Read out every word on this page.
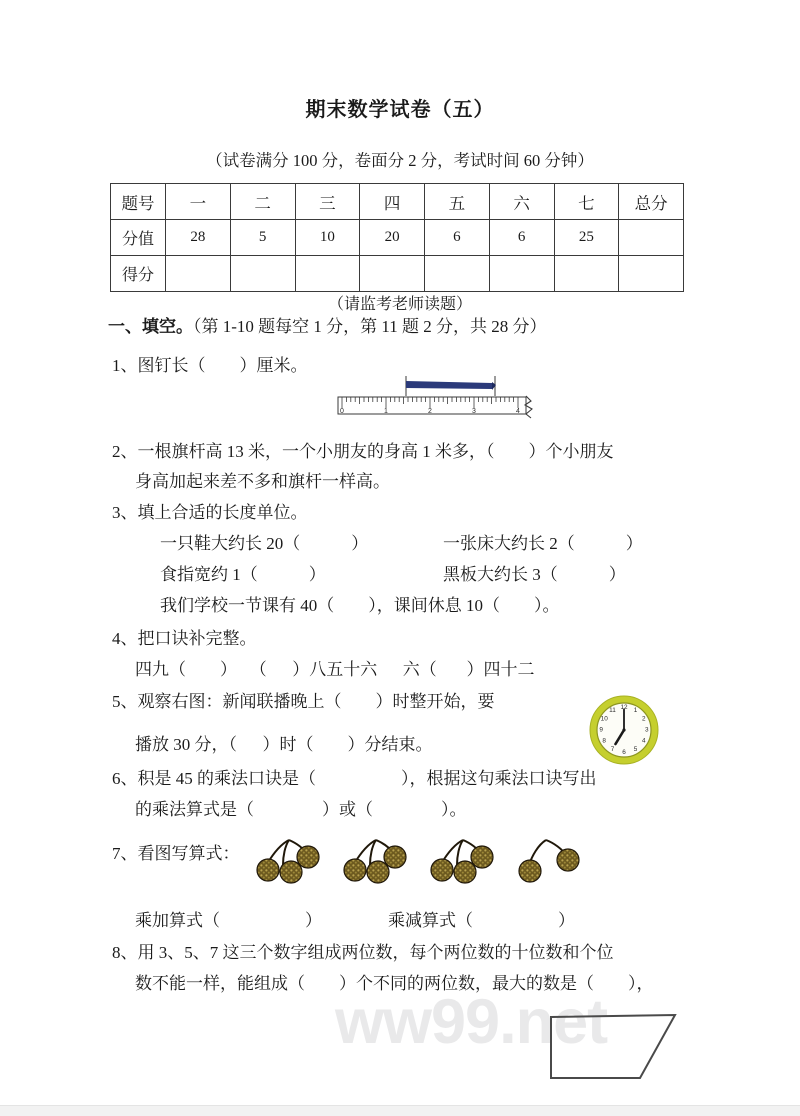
ww99.net
期末数学试卷（五）
（试卷满分 100 分，卷面分 2 分，考试时间 60 分钟）
题号	一	二	三	四	五	六	七	总分
分值	28	5	10	20	6	6	25	
得分								
（请监考老师读题）
一、填空。（第 1-10 题每空 1 分，第 11 题 2 分，共 28 分）
1、图钉长（        ）厘米。
0	1	2	3	4
2、一根旗杆高 13 米，一个小朋友的身高 1 米多，（        ）个小朋友
身高加起来差不多和旗杆一样高。
3、填上合适的长度单位。
一只鞋大约长 20（            ）	一张床大约长 2（            ）
食指宽约 1（            ）	黑板大约长 3（            ）
我们学校一节课有 40（        ），课间休息 10（        ）。
4、把口诀补完整。
四九（        ）   （      ）八五十六      六（       ）四十二
5、观察右图：新闻联播晚上（        ）时整开始，要
播放 30 分，（      ）时（        ）分结束。
12 1
2
3
4
5
6
7
8
9
10
11
6、积是 45 的乘法口诀是（                    ），根据这句乘法口诀写出
的乘法算式是（                ）或（                ）。
7、看图写算式：
乘加算式（                    ）	乘减算式（                    ）
8、用 3、5、7 这三个数字组成两位数，每个两位数的十位数和个位
数不能一样，能组成（        ）个不同的两位数，最大的数是（        ），
